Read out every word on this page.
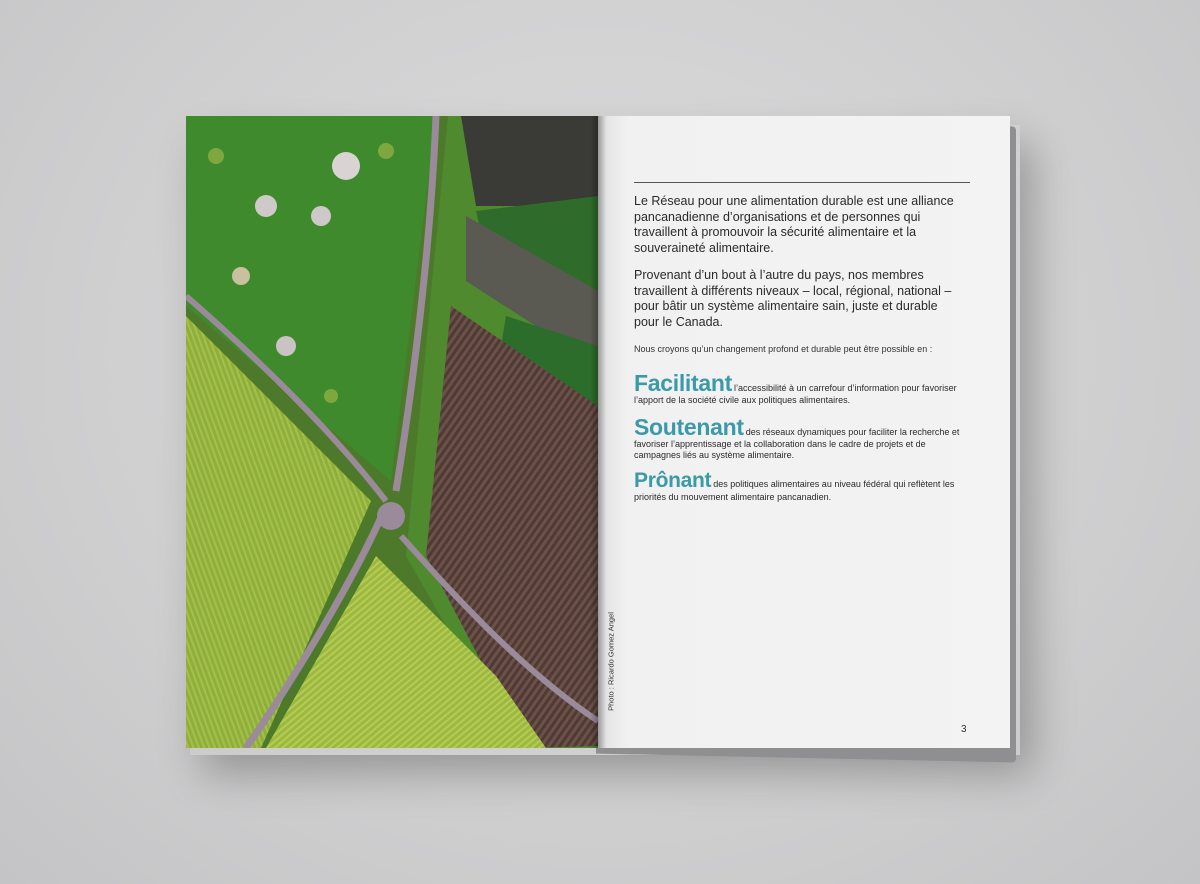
Photo : Ricardo Gomez Angel

Le Réseau pour une alimentation durable est une alliance pancanadienne d’organisations et de personnes qui travaillent à promouvoir la sécurité alimentaire et la souveraineté alimentaire.

Provenant d’un bout à l’autre du pays, nos membres travaillent à différents niveaux – local, régional, national – pour bâtir un système alimentaire sain, juste et durable pour le Canada.

Nous croyons qu’un changement profond et durable peut être possible en :
Facilitant l’accessibilité à un carrefour d’information pour favoriser l’apport de la société civile aux politiques alimentaires.
Soutenant des réseaux dynamiques pour faciliter la recherche et favoriser l’apprentissage et la collaboration dans le cadre de projets et de campagnes liés au système alimentaire.
Prônant des politiques alimentaires au niveau fédéral qui reflètent les priorités du mouvement alimentaire pancanadien.
3
